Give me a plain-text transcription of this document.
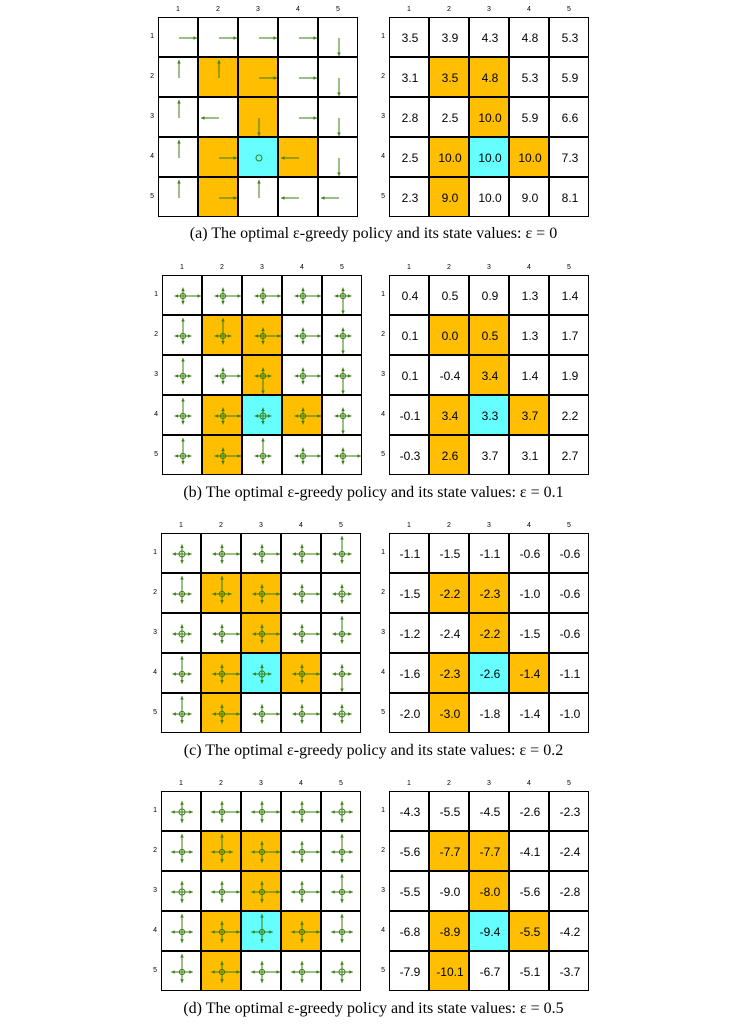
1	2	3	4	5
1
2
3
4
5
1	2	3	4	5
1
2
3
4
5
3.5	3.9	4.3	4.8	5.3
3.1	3.5	4.8	5.3	5.9
2.8	2.5	10.0	5.9	6.6
2.5	10.0	10.0	10.0	7.3
2.3	9.0	10.0	9.0	8.1
(a) The optimal ε-greedy policy and its state values: ε = 0
1	2	3	4	5
1
2
3
4
5
1	2	3	4	5
1
2
3
4
5
0.4	0.5	0.9	1.3	1.4
0.1	0.0	0.5	1.3	1.7
0.1	-0.4	3.4	1.4	1.9
-0.1	3.4	3.3	3.7	2.2
-0.3	2.6	3.7	3.1	2.7
(b) The optimal ε-greedy policy and its state values: ε = 0.1
1	2	3	4	5
1
2
3
4
5
1	2	3	4	5
1
2
3
4
5
-1.1	-1.5	-1.1	-0.6	-0.6
-1.5	-2.2	-2.3	-1.0	-0.6
-1.2	-2.4	-2.2	-1.5	-0.6
-1.6	-2.3	-2.6	-1.4	-1.1
-2.0	-3.0	-1.8	-1.4	-1.0
(c) The optimal ε-greedy policy and its state values: ε = 0.2
1	2	3	4	5
1
2
3
4
5
1	2	3	4	5
1
2
3
4
5
-4.3	-5.5	-4.5	-2.6	-2.3
-5.6	-7.7	-7.7	-4.1	-2.4
-5.5	-9.0	-8.0	-5.6	-2.8
-6.8	-8.9	-9.4	-5.5	-4.2
-7.9	-10.1	-6.7	-5.1	-3.7
(d) The optimal ε-greedy policy and its state values: ε = 0.5
